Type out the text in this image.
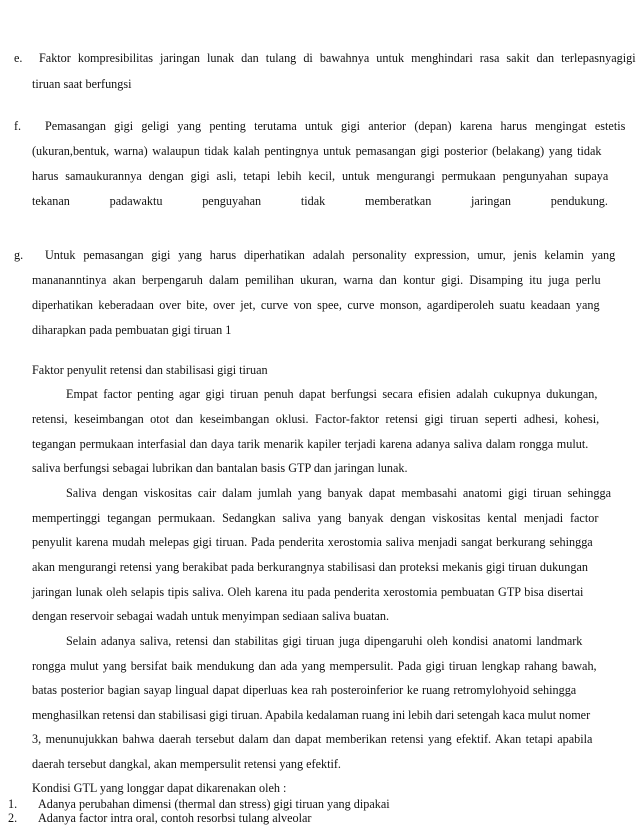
e. Faktor kompresibilitas jaringan lunak dan tulang di bawahnya untuk menghindari rasa sakit dan terlepasnyagigi
tiruan saat berfungsi
f. Pemasangan gigi geligi yang penting terutama untuk gigi anterior (depan) karena harus mengingat estetis
(ukuran,bentuk, warna) walaupun tidak kalah pentingnya untuk pemasangan gigi posterior (belakang) yang tidak
harus samaukurannya dengan gigi asli, tetapi lebih kecil, untuk mengurangi permukaan pengunyahan supaya
tekanan	padawaktu	penguyahan	tidak	memberatkan	jaringan	pendukung.
g. Untuk pemasangan gigi yang harus diperhatikan adalah personality expression, umur, jenis kelamin yang
manananntinya akan berpengaruh dalam pemilihan ukuran, warna dan kontur gigi. Disamping itu juga perlu
diperhatikan keberadaan over bite, over jet, curve von spee, curve monson, agardiperoleh suatu keadaan yang
diharapkan pada pembuatan gigi tiruan 1
Faktor penyulit retensi dan stabilisasi gigi tiruan
Empat factor penting agar gigi tiruan penuh dapat berfungsi secara efisien adalah cukupnya dukungan,
retensi, keseimbangan otot dan keseimbangan oklusi. Factor-faktor retensi gigi tiruan seperti adhesi, kohesi,
tegangan permukaan interfasial dan daya tarik menarik kapiler terjadi karena adanya saliva dalam rongga mulut.
saliva berfungsi sebagai lubrikan dan bantalan basis GTP dan jaringan lunak.
Saliva dengan viskositas cair dalam jumlah yang banyak dapat membasahi anatomi gigi tiruan sehingga
mempertinggi tegangan permukaan. Sedangkan saliva yang banyak dengan viskositas kental menjadi factor
penyulit karena mudah melepas gigi tiruan. Pada penderita xerostomia saliva menjadi sangat berkurang sehingga
akan mengurangi retensi yang berakibat pada berkurangnya stabilisasi dan proteksi mekanis gigi tiruan dukungan
jaringan lunak oleh selapis tipis saliva. Oleh karena itu pada penderita xerostomia pembuatan GTP bisa disertai
dengan reservoir sebagai wadah untuk menyimpan sediaan saliva buatan.
Selain adanya saliva, retensi dan stabilitas gigi tiruan juga dipengaruhi oleh kondisi anatomi landmark
rongga mulut yang bersifat baik mendukung dan ada yang mempersulit. Pada gigi tiruan lengkap rahang bawah,
batas posterior bagian sayap lingual dapat diperluas kea rah posteroinferior ke ruang retromylohyoid sehingga
menghasilkan retensi dan stabilisasi gigi tiruan. Apabila kedalaman ruang ini lebih dari setengah kaca mulut nomer
3, menunujukkan bahwa daerah tersebut dalam dan dapat memberikan retensi yang efektif. Akan tetapi apabila
daerah tersebut dangkal, akan mempersulit retensi yang efektif.
Kondisi GTL yang longgar dapat dikarenakan oleh :
1. Adanya perubahan dimensi (thermal dan stress) gigi tiruan yang dipakai
2. Adanya factor intra oral, contoh resorbsi tulang alveolar
